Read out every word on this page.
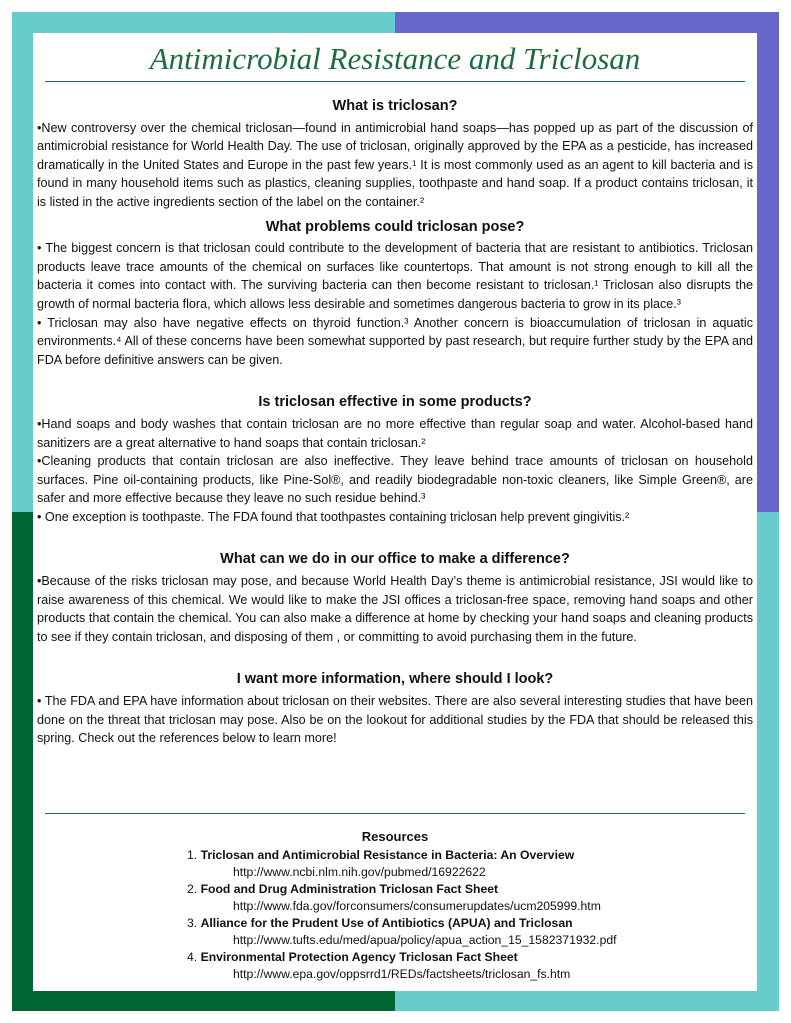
Antimicrobial Resistance and Triclosan
What is triclosan?

•New controversy over the chemical triclosan—found in antimicrobial hand soaps—has popped up as part of the discussion of antimicrobial resistance for World Health Day. The use of triclosan, originally approved by the EPA as a pesticide, has increased dramatically in the United States and Europe in the past few years.¹ It is most commonly used as an agent to kill bacteria and is found in many household items such as plastics, cleaning supplies, toothpaste and hand soap. If a product contains triclosan, it is listed in the active ingredients section of the label on the container.²

What problems could triclosan pose?

• The biggest concern is that triclosan could contribute to the development of bacteria that are resistant to antibiotics. Triclosan products leave trace amounts of the chemical on surfaces like countertops. That amount is not strong enough to kill all the bacteria it comes into contact with. The surviving bacteria can then become resistant to triclosan.¹ Triclosan also disrupts the growth of normal bacteria flora, which allows less desirable and sometimes dangerous bacteria to grow in its place.³

• Triclosan may also have negative effects on thyroid function.³ Another concern is bioaccumulation of triclosan in aquatic environments.⁴ All of these concerns have been somewhat supported by past research, but require further study by the EPA and FDA before definitive answers can be given.

Is triclosan effective in some products?

•Hand soaps and body washes that contain triclosan are no more effective than regular soap and water. Alcohol-based hand sanitizers are a great alternative to hand soaps that contain triclosan.²

•Cleaning products that contain triclosan are also ineffective. They leave behind trace amounts of triclosan on household surfaces. Pine oil-containing products, like Pine-Sol®, and readily biodegradable non-toxic cleaners, like Simple Green®, are safer and more effective because they leave no such residue behind.³

• One exception is toothpaste. The FDA found that toothpastes containing triclosan help prevent gingivitis.²

What can we do in our office to make a difference?

•Because of the risks triclosan may pose, and because World Health Day’s theme is antimicrobial resistance, JSI would like to raise awareness of this chemical. We would like to make the JSI offices a triclosan-free space, removing hand soaps and other products that contain the chemical. You can also make a difference at home by checking your hand soaps and cleaning products to see if they contain triclosan, and disposing of them , or committing to avoid purchasing them in the future.

I want more information, where should I look?

• The FDA and EPA have information about triclosan on their websites. There are also several interesting studies that have been done on the threat that triclosan may pose. Also be on the lookout for additional studies by the FDA that should be released this spring. Check out the references below to learn more!

Resources
1. Triclosan and Antimicrobial Resistance in Bacteria: An Overview
http://www.ncbi.nlm.nih.gov/pubmed/16922622
2. Food and Drug Administration Triclosan Fact Sheet
http://www.fda.gov/forconsumers/consumerupdates/ucm205999.htm
3. Alliance for the Prudent Use of Antibiotics (APUA) and Triclosan
http://www.tufts.edu/med/apua/policy/apua_action_15_1582371932.pdf
4. Environmental Protection Agency Triclosan Fact Sheet
http://www.epa.gov/oppsrrd1/REDs/factsheets/triclosan_fs.htm
